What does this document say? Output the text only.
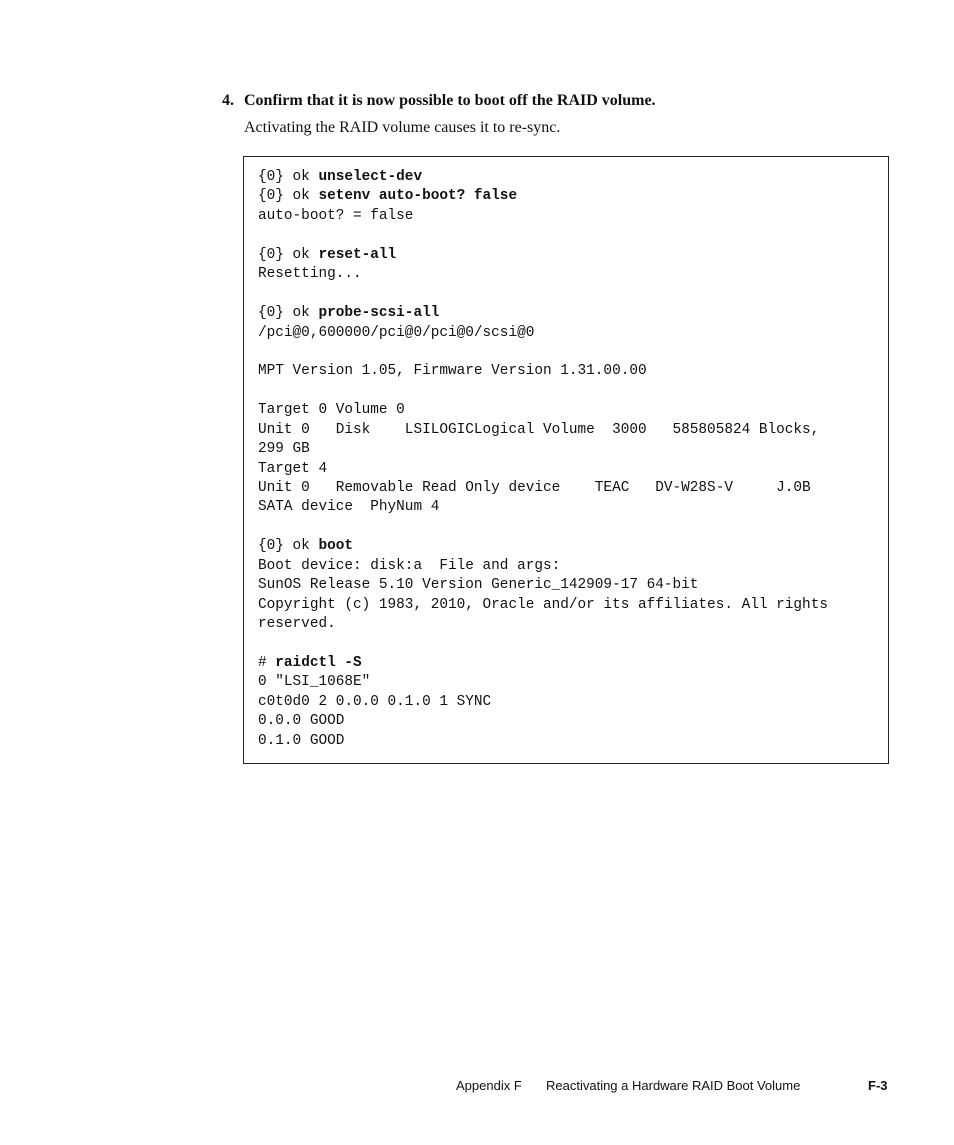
4. Confirm that it is now possible to boot off the RAID volume.
Activating the RAID volume causes it to re-sync.
{0} ok unselect-dev
{0} ok setenv auto-boot? false
auto-boot? = false
{0} ok reset-all
Resetting...
{0} ok probe-scsi-all
/pci@0,600000/pci@0/pci@0/scsi@0
MPT Version 1.05, Firmware Version 1.31.00.00
Target 0 Volume 0
Unit 0   Disk    LSILOGICLogical Volume  3000   585805824 Blocks,
299 GB
Target 4
Unit 0   Removable Read Only device    TEAC   DV-W28S-V     J.0B
SATA device  PhyNum 4
{0} ok boot
Boot device: disk:a  File and args:
SunOS Release 5.10 Version Generic_142909-17 64-bit
Copyright (c) 1983, 2010, Oracle and/or its affiliates. All rights
reserved.
# raidctl -S
0 "LSI_1068E"
c0t0d0 2 0.0.0 0.1.0 1 SYNC
0.0.0 GOOD
0.1.0 GOOD
Appendix F Reactivating a Hardware RAID Boot Volume	F-3
